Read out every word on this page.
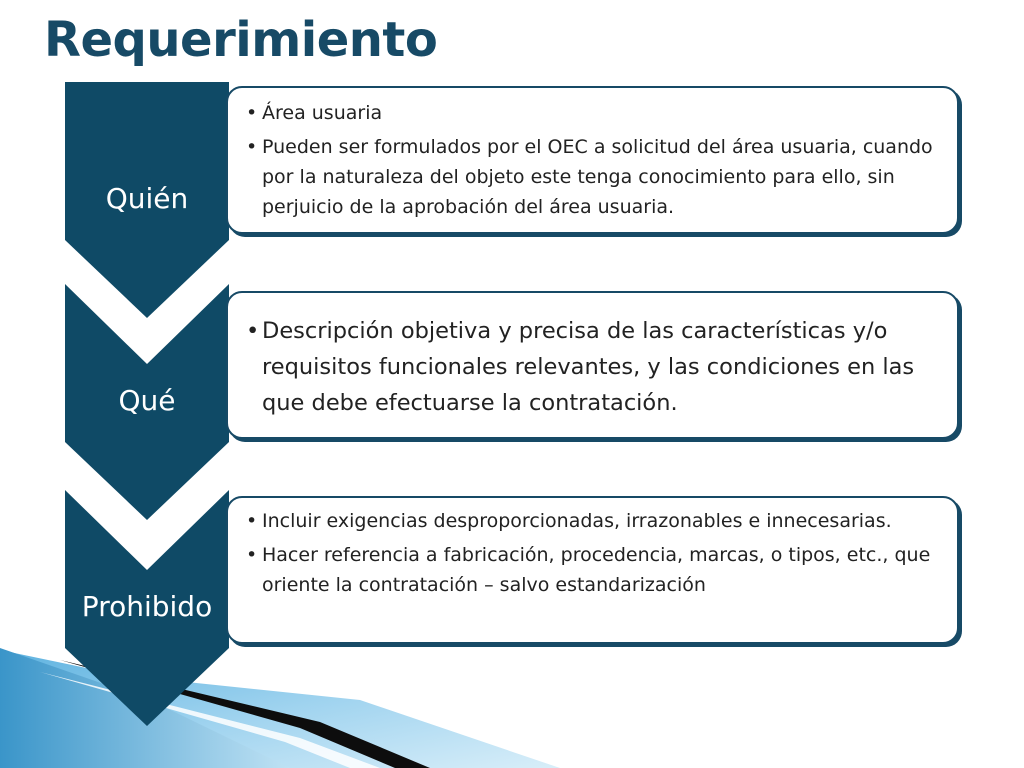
Requerimiento
Quién
• Área usuaria
• Pueden ser formulados por el OEC a solicitud del área usuaria, cuando por la naturaleza del objeto este tenga conocimiento para ello, sin perjuicio de la aprobación del área usuaria.
Qué
• Descripción objetiva y precisa de las características y/o requisitos funcionales relevantes, y las condiciones en las que debe efectuarse la contratación.
Prohibido
• Incluir exigencias desproporcionadas, irrazonables e innecesarias.
• Hacer referencia a fabricación, procedencia, marcas, o tipos, etc., que oriente la contratación – salvo estandarización
